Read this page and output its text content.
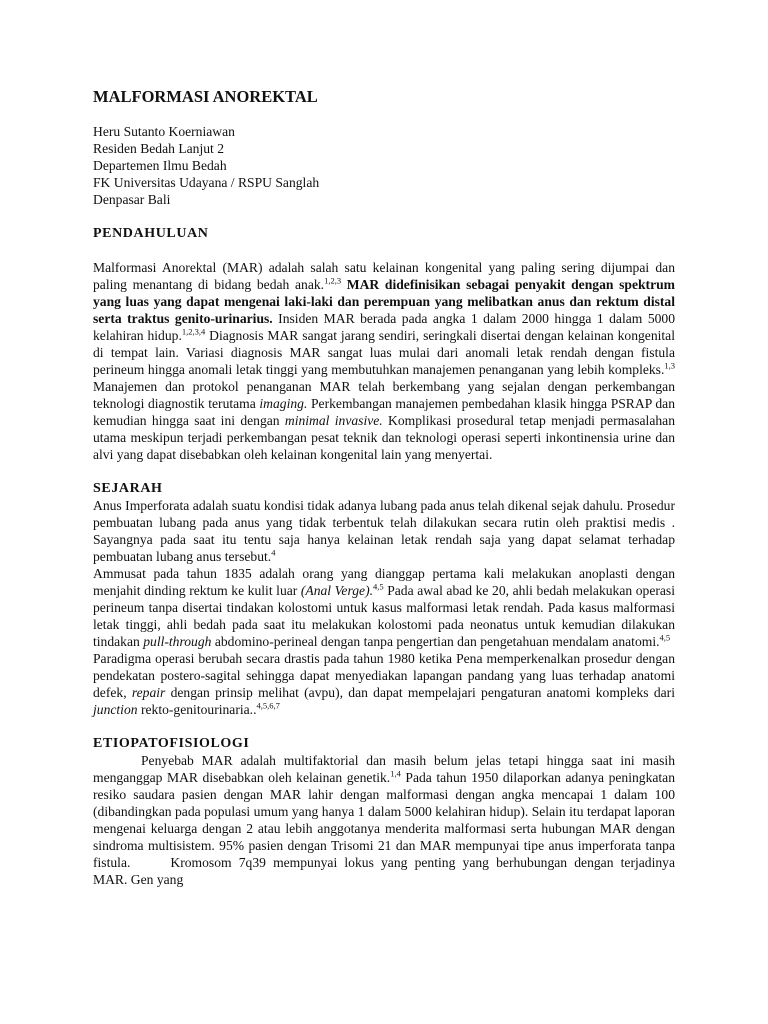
MALFORMASI ANOREKTAL
Heru Sutanto Koerniawan
Residen Bedah Lanjut 2
Departemen Ilmu Bedah
FK Universitas Udayana / RSPU Sanglah
Denpasar Bali
PENDAHULUAN

Malformasi Anorektal (MAR) adalah salah satu kelainan kongenital yang paling sering dijumpai dan paling menantang di bidang bedah anak.$^{1,2,3}$ MAR didefinisikan sebagai penyakit dengan spektrum yang luas yang dapat mengenai laki-laki dan perempuan yang melibatkan anus dan rektum distal serta traktus genito-urinarius. Insiden MAR berada pada angka 1 dalam 2000 hingga 1 dalam 5000 kelahiran hidup.$^{1,2,3,4}$ Diagnosis MAR sangat jarang sendiri, seringkali disertai dengan kelainan kongenital di tempat lain. Variasi diagnosis MAR sangat luas mulai dari anomali letak rendah dengan fistula perineum hingga anomali letak tinggi yang membutuhkan manajemen penanganan yang lebih kompleks.$^{1,3}$ Manajemen dan protokol penanganan MAR telah berkembang yang sejalan dengan perkembangan teknologi diagnostik terutama imaging. Perkembangan manajemen pembedahan klasik hingga PSRAP dan kemudian hingga saat ini dengan minimal invasive. Komplikasi prosedural tetap menjadi permasalahan utama meskipun terjadi perkembangan pesat teknik dan teknologi operasi seperti inkontinensia urine dan alvi yang dapat disebabkan oleh kelainan kongenital lain yang menyertai.

SEJARAH

Anus Imperforata adalah suatu kondisi tidak adanya lubang pada anus telah dikenal sejak dahulu. Prosedur pembuatan lubang pada anus yang tidak terbentuk telah dilakukan secara rutin oleh praktisi medis . Sayangnya pada saat itu tentu saja hanya kelainan letak rendah saja yang dapat selamat terhadap pembuatan lubang anus tersebut.$^4$

Ammusat pada tahun 1835 adalah orang yang dianggap pertama kali melakukan anoplasti dengan menjahit dinding rektum ke kulit luar (Anal Verge).$^{4,5}$ Pada awal abad ke 20, ahli bedah melakukan operasi perineum tanpa disertai tindakan kolostomi untuk kasus malformasi letak rendah. Pada kasus malformasi letak tinggi, ahli bedah pada saat itu melakukan kolostomi pada neonatus untuk kemudian dilakukan tindakan pull-through abdomino-perineal dengan tanpa pengertian dan pengetahuan mendalam anatomi.$^{4,5}$

Paradigma operasi berubah secara drastis pada tahun 1980 ketika Pena memperkenalkan prosedur dengan pendekatan postero-sagital sehingga dapat menyediakan lapangan pandang yang luas terhadap anatomi defek, repair dengan prinsip melihat (avpu), dan dapat mempelajari pengaturan anatomi kompleks dari junction rekto-genitourinaria..$^{4,5,6,7}$

ETIOPATOFISIOLOGI

Penyebab MAR adalah multifaktorial dan masih belum jelas tetapi hingga saat ini masih menganggap MAR disebabkan oleh kelainan genetik.$^{1,4}$ Pada tahun 1950 dilaporkan adanya peningkatan resiko saudara pasien dengan MAR lahir dengan malformasi dengan angka mencapai 1 dalam 100 (dibandingkan pada populasi umum yang hanya 1 dalam 5000 kelahiran hidup). Selain itu terdapat laporan mengenai keluarga dengan 2 atau lebih anggotanya menderita malformasi serta hubungan MAR dengan sindroma multisistem. 95% pasien dengan Trisomi 21 dan MAR mempunyai tipe anus imperforata tanpa fistula.	Kromosom 7q39 mempunyai lokus yang penting yang berhubungan dengan terjadinya MAR. Gen yang
